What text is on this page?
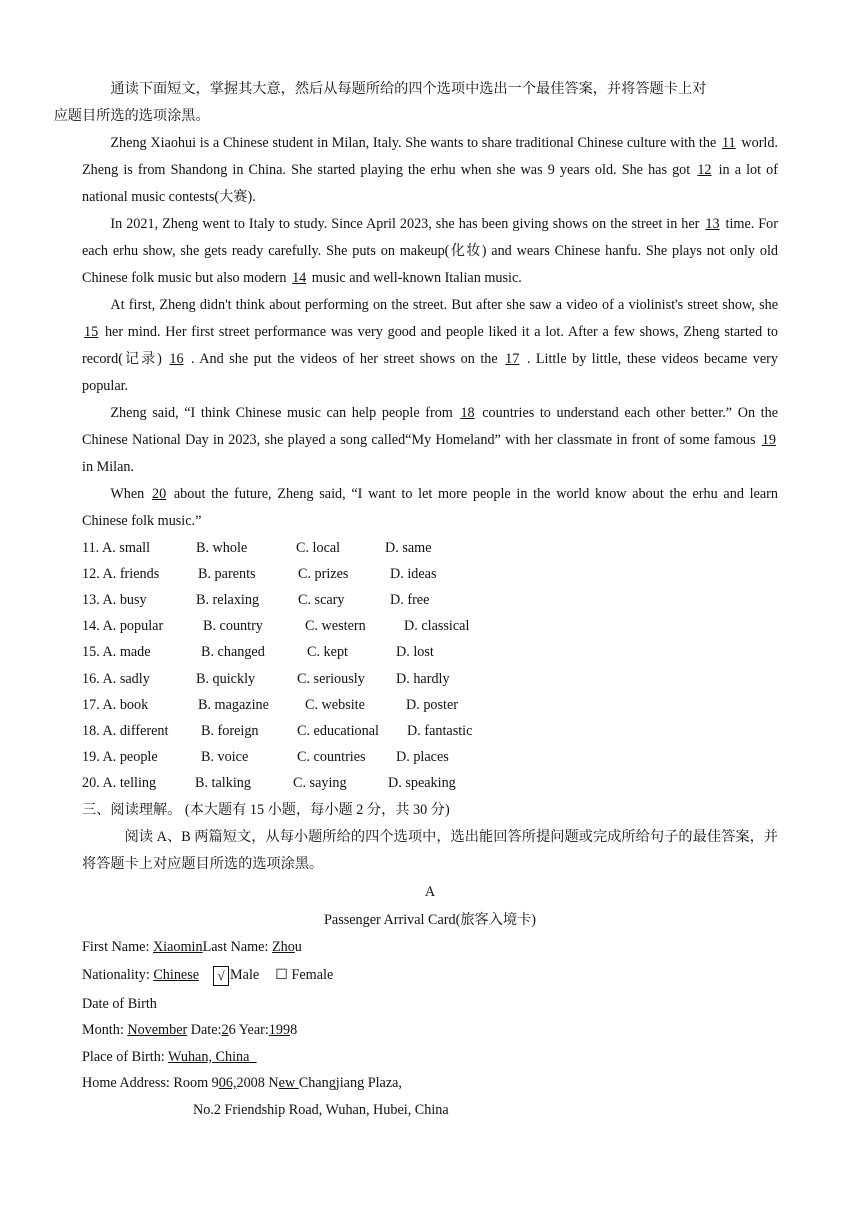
通读下面短文，掌握其大意，然后从每题所给的四个选项中选出一个最佳答案，并将答题卡上对
应题目所选的选项涂黑。

Zheng Xiaohui is a Chinese student in Milan, Italy. She wants to share traditional Chinese culture with the 11 world. Zheng is from Shandong in China. She started playing the erhu when she was 9 years old. She has got 12 in a lot of national music contests(大赛).

In 2021, Zheng went to Italy to study. Since April 2023, she has been giving shows on the street in her 13 time. For each erhu show, she gets ready carefully. She puts on makeup(化妆) and wears Chinese hanfu. She plays not only old Chinese folk music but also modern 14 music and well-known Italian music.

At first, Zheng didn't think about performing on the street. But after she saw a video of a violinist's street show, she 15 her mind. Her first street performance was very good and people liked it a lot. After a few shows, Zheng started to record(记录) 16 . And she put the videos of her street shows on the 17 . Little by little, these videos became very popular.

Zheng said, “I think Chinese music can help people from 18 countries to understand each other better.” On the Chinese National Day in 2023, she played a song called“My Homeland” with her classmate in front of some famous 19 in Milan.

When 20 about the future, Zheng said, “I want to let more people in the world know about the erhu and learn Chinese folk music.”

11. A. small	B. whole	C. local	D. same
12. A. friends	B. parents	C. prizes	D. ideas
13. A. busy	B. relaxing	C. scary	D. free
14. A. popular	B. country	C. western	D. classical
15. A. made	B. changed	C. kept	D. lost
16. A. sadly	B. quickly	C. seriously	D. hardly
17. A. book	B. magazine	C. website	D. poster
18. A. different	B. foreign	C. educational	D. fantastic
19. A. people	B. voice	C. countries	D. places
20. A. telling	B. talking	C. saying	D. speaking

三、阅读理解。 (本大题有 15 小题，每小题 2 分，共 30 分)

阅读 A、B 两篇短文，从每小题所给的四个选项中，选出能回答所提问题或完成所给句子的最佳答案，并将答题卡上对应题目所选的选项涂黑。

A

Passenger Arrival Card(旅客入境卡)

First Name: XiaominLast Name: Zhou

Nationality: Chinese √ Male ☐ Female

Date of Birth

Month: November Date:26 Year:1998

Place of Birth: Wuhan, China

Home Address: Room 906,2008 New Changjiang Plaza,

No.2 Friendship Road, Wuhan, Hubei, China
